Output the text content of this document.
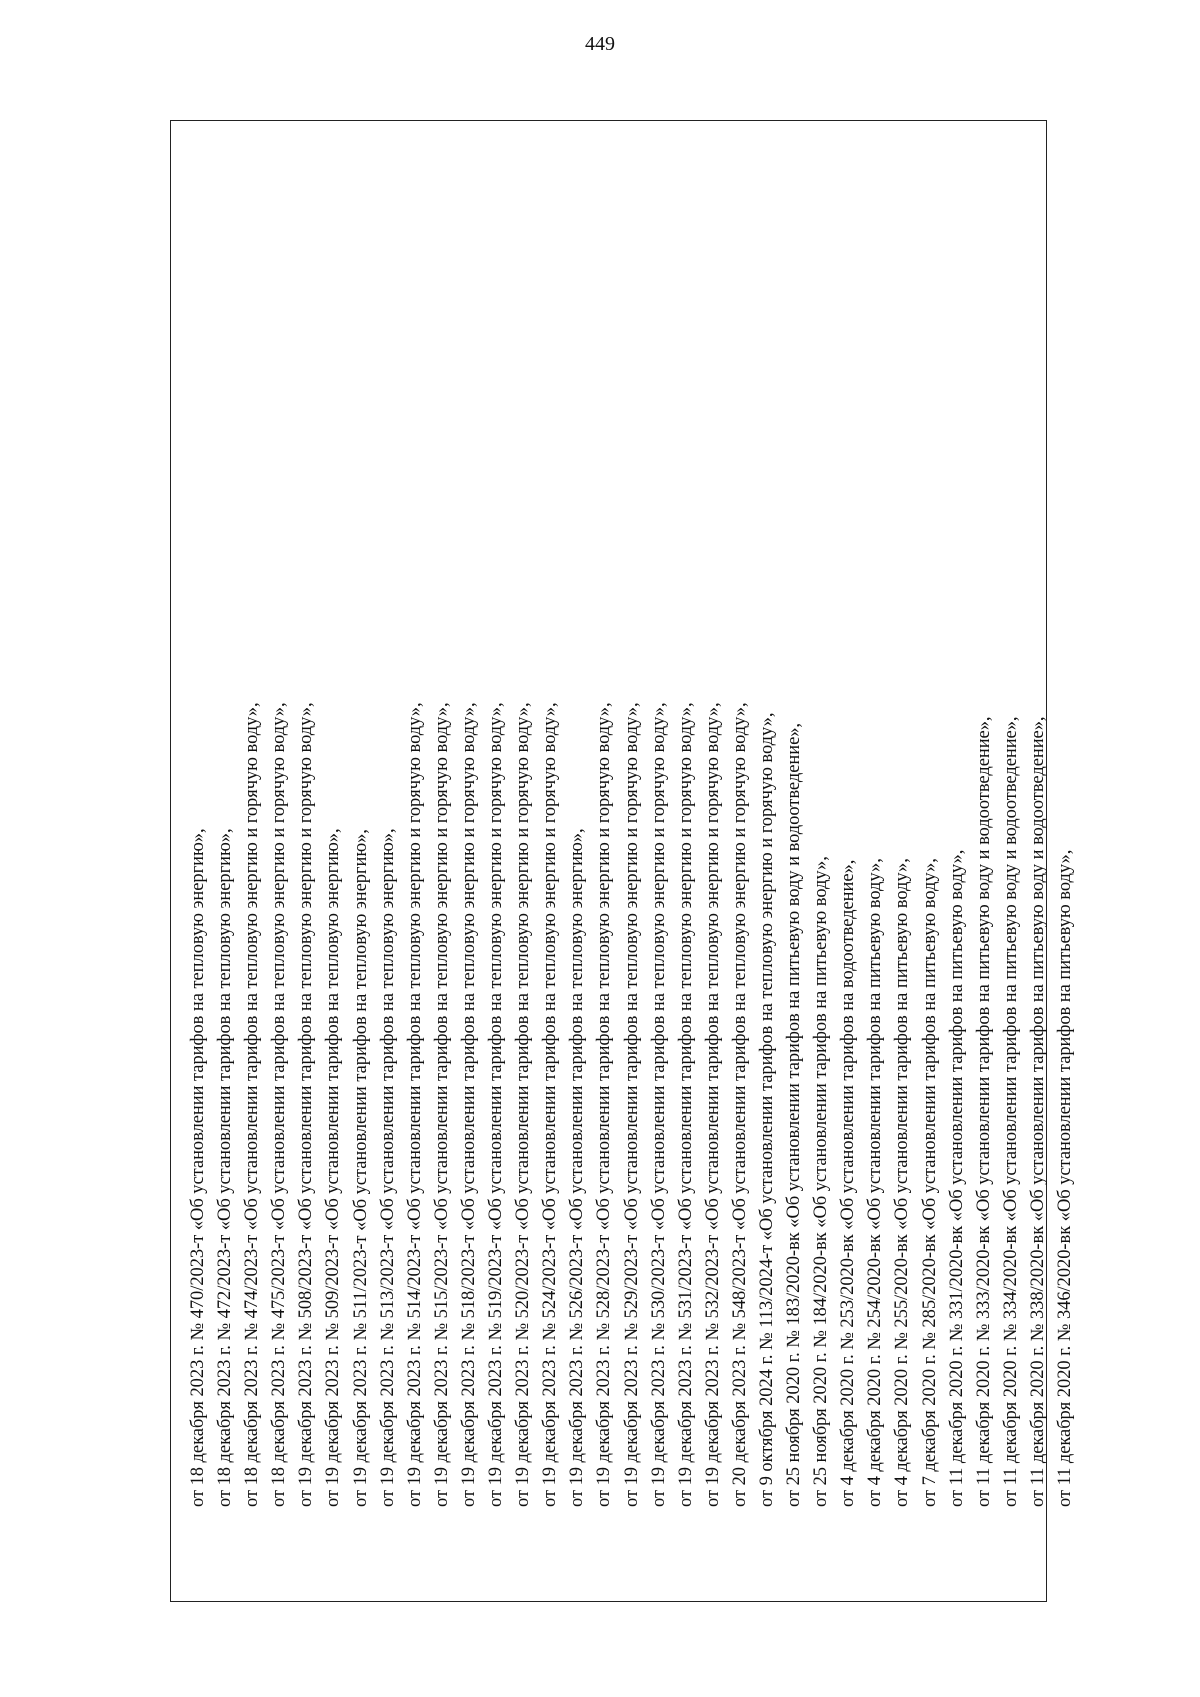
449
от 18 декабря 2023 г. № 470/2023-т «Об установлении тарифов на тепловую энергию», от 18 декабря 2023 г. № 472/2023-т «Об установлении тарифов на тепловую энергию», от 18 декабря 2023 г. № 474/2023-т «Об установлении тарифов на тепловую энергию и горячую воду», от 18 декабря 2023 г. № 475/2023-т «Об установлении тарифов на тепловую энергию и горячую воду», от 19 декабря 2023 г. № 508/2023-т «Об установлении тарифов на тепловую энергию и горячую воду», от 19 декабря 2023 г. № 509/2023-т «Об установлении тарифов на тепловую энергию», от 19 декабря 2023 г. № 511/2023-т «Об установлении тарифов на тепловую энергию», от 19 декабря 2023 г. № 513/2023-т «Об установлении тарифов на тепловую энергию», от 19 декабря 2023 г. № 514/2023-т «Об установлении тарифов на тепловую энергию и горячую воду», от 19 декабря 2023 г. № 515/2023-т «Об установлении тарифов на тепловую энергию и горячую воду», от 19 декабря 2023 г. № 518/2023-т «Об установлении тарифов на тепловую энергию и горячую воду», от 19 декабря 2023 г. № 519/2023-т «Об установлении тарифов на тепловую энергию и горячую воду», от 19 декабря 2023 г. № 520/2023-т «Об установлении тарифов на тепловую энергию и горячую воду», от 19 декабря 2023 г. № 524/2023-т «Об установлении тарифов на тепловую энергию и горячую воду», от 19 декабря 2023 г. № 526/2023-т «Об установлении тарифов на тепловую энергию», от 19 декабря 2023 г. № 528/2023-т «Об установлении тарифов на тепловую энергию и горячую воду», от 19 декабря 2023 г. № 529/2023-т «Об установлении тарифов на тепловую энергию и горячую воду», от 19 декабря 2023 г. № 530/2023-т «Об установлении тарифов на тепловую энергию и горячую воду», от 19 декабря 2023 г. № 531/2023-т «Об установлении тарифов на тепловую энергию и горячую воду», от 19 декабря 2023 г. № 532/2023-т «Об установлении тарифов на тепловую энергию и горячую воду», от 20 декабря 2023 г. № 548/2023-т «Об установлении тарифов на тепловую энергию и горячую воду», от 9 октября 2024 г. № 113/2024-т «Об установлении тарифов на тепловую энергию и горячую воду», от 25 ноября 2020 г. № 183/2020-вк «Об установлении тарифов на питьевую воду и водоотведение», от 25 ноября 2020 г. № 184/2020-вк «Об установлении тарифов на питьевую воду», от 4 декабря 2020 г. № 253/2020-вк «Об установлении тарифов на водоотведение», от 4 декабря 2020 г. № 254/2020-вк «Об установлении тарифов на питьевую воду», от 4 декабря 2020 г. № 255/2020-вк «Об установлении тарифов на питьевую воду», от 7 декабря 2020 г. № 285/2020-вк «Об установлении тарифов на питьевую воду», от 11 декабря 2020 г. № 331/2020-вк «Об установлении тарифов на питьевую воду», от 11 декабря 2020 г. № 333/2020-вк «Об установлении тарифов на питьевую воду и водоотведение», от 11 декабря 2020 г. № 334/2020-вк «Об установлении тарифов на питьевую воду и водоотведение», от 11 декабря 2020 г. № 338/2020-вк «Об установлении тарифов на питьевую воду и водоотведение», от 11 декабря 2020 г. № 346/2020-вк «Об установлении тарифов на питьевую воду»,
